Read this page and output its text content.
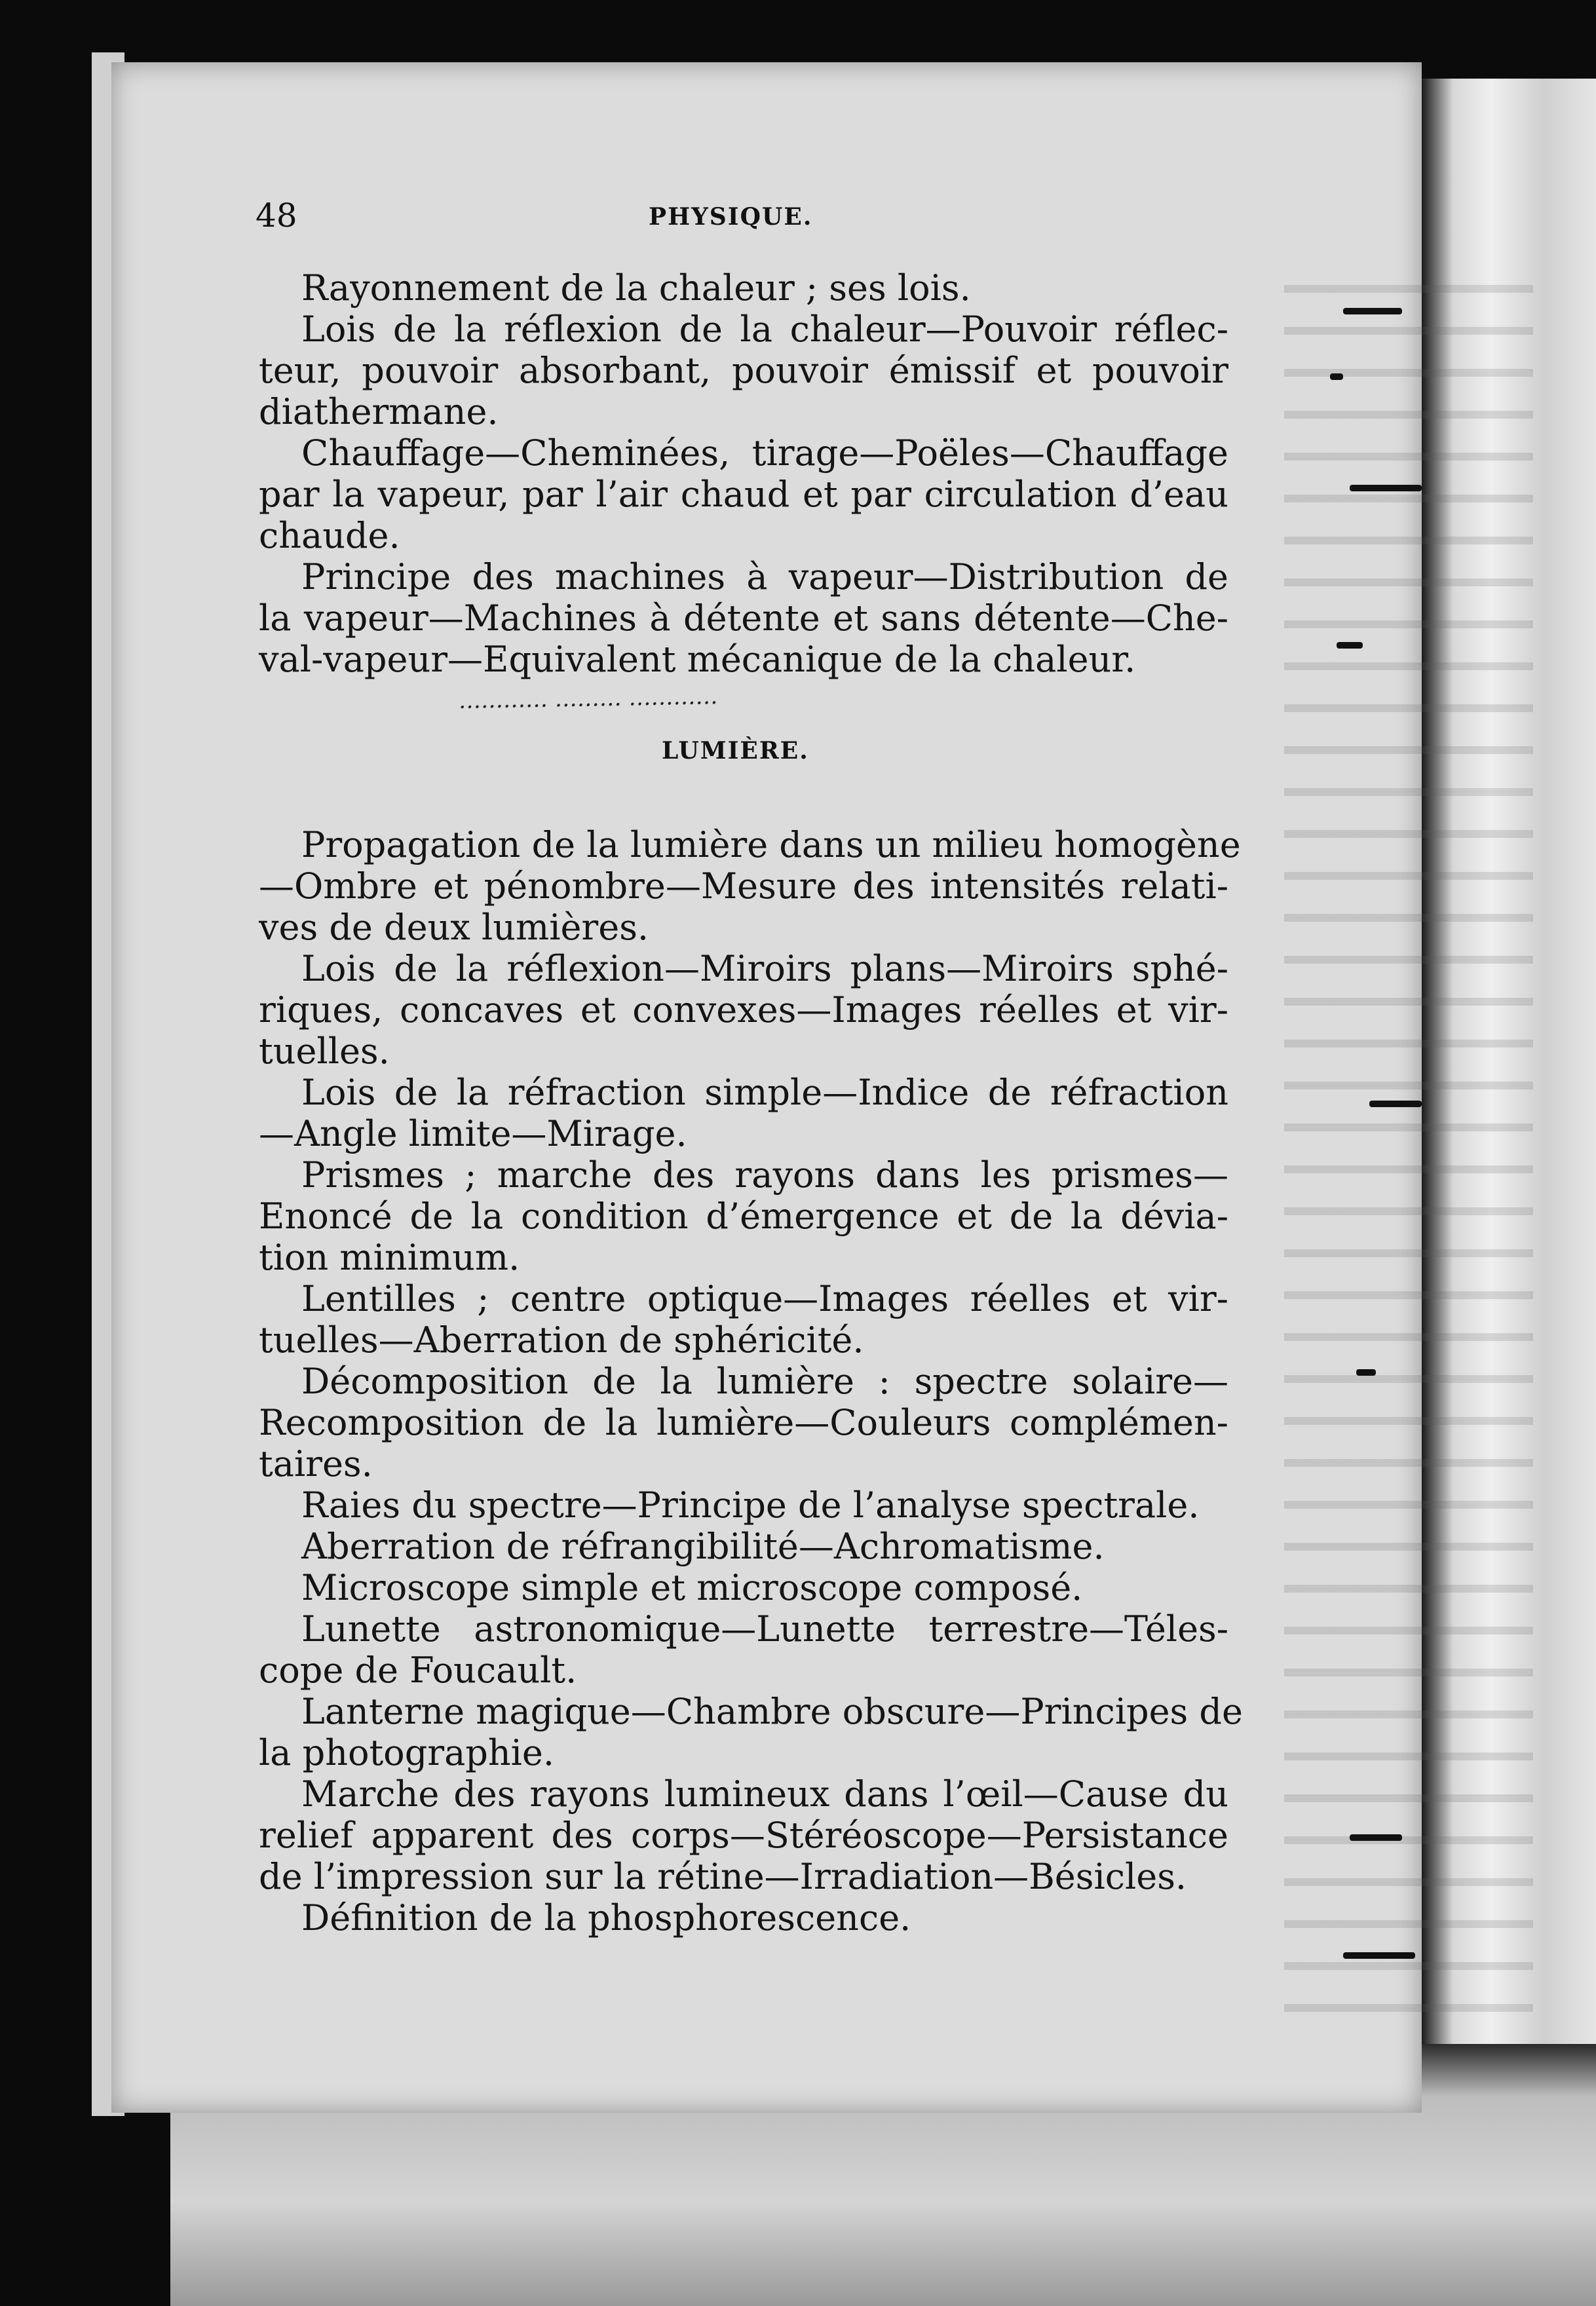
48	PHYSIQUE.
Rayonnement de la chaleur ; ses lois.
Lois de la réflexion de la chaleur—Pouvoir réflec-
teur, pouvoir absorbant, pouvoir émissif et pouvoir
diathermane.
Chauffage—Cheminées, tirage—Poëles—Chauffage
par la vapeur, par l’air chaud et par circulation d’eau
chaude.
Principe des machines à vapeur—Distribution de
la vapeur—Machines à détente et sans détente—Che-
val-vapeur—Equivalent mécanique de la chaleur.
………… ……… …………
LUMIÈRE.
Propagation de la lumière dans un milieu homogène
—Ombre et pénombre—Mesure des intensités relati-
ves de deux lumières.
Lois de la réflexion—Miroirs plans—Miroirs sphé-
riques, concaves et convexes—Images réelles et vir-
tuelles.
Lois de la réfraction simple—Indice de réfraction
—Angle limite—Mirage.
Prismes ; marche des rayons dans les prismes—
Enoncé de la condition d’émergence et de la dévia-
tion minimum.
Lentilles ; centre optique—Images réelles et vir-
tuelles—Aberration de sphéricité.
Décomposition de la lumière : spectre solaire—
Recomposition de la lumière—Couleurs complémen-
taires.
Raies du spectre—Principe de l’analyse spectrale.
Aberration de réfrangibilité—Achromatisme.
Microscope simple et microscope composé.
Lunette astronomique—Lunette terrestre—Téles-
cope de Foucault.
Lanterne magique—Chambre obscure—Principes de
la photographie.
Marche des rayons lumineux dans l’œil—Cause du
relief apparent des corps—Stéréoscope—Persistance
de l’impression sur la rétine—Irradiation—Bésicles.
Définition de la phosphorescence.
